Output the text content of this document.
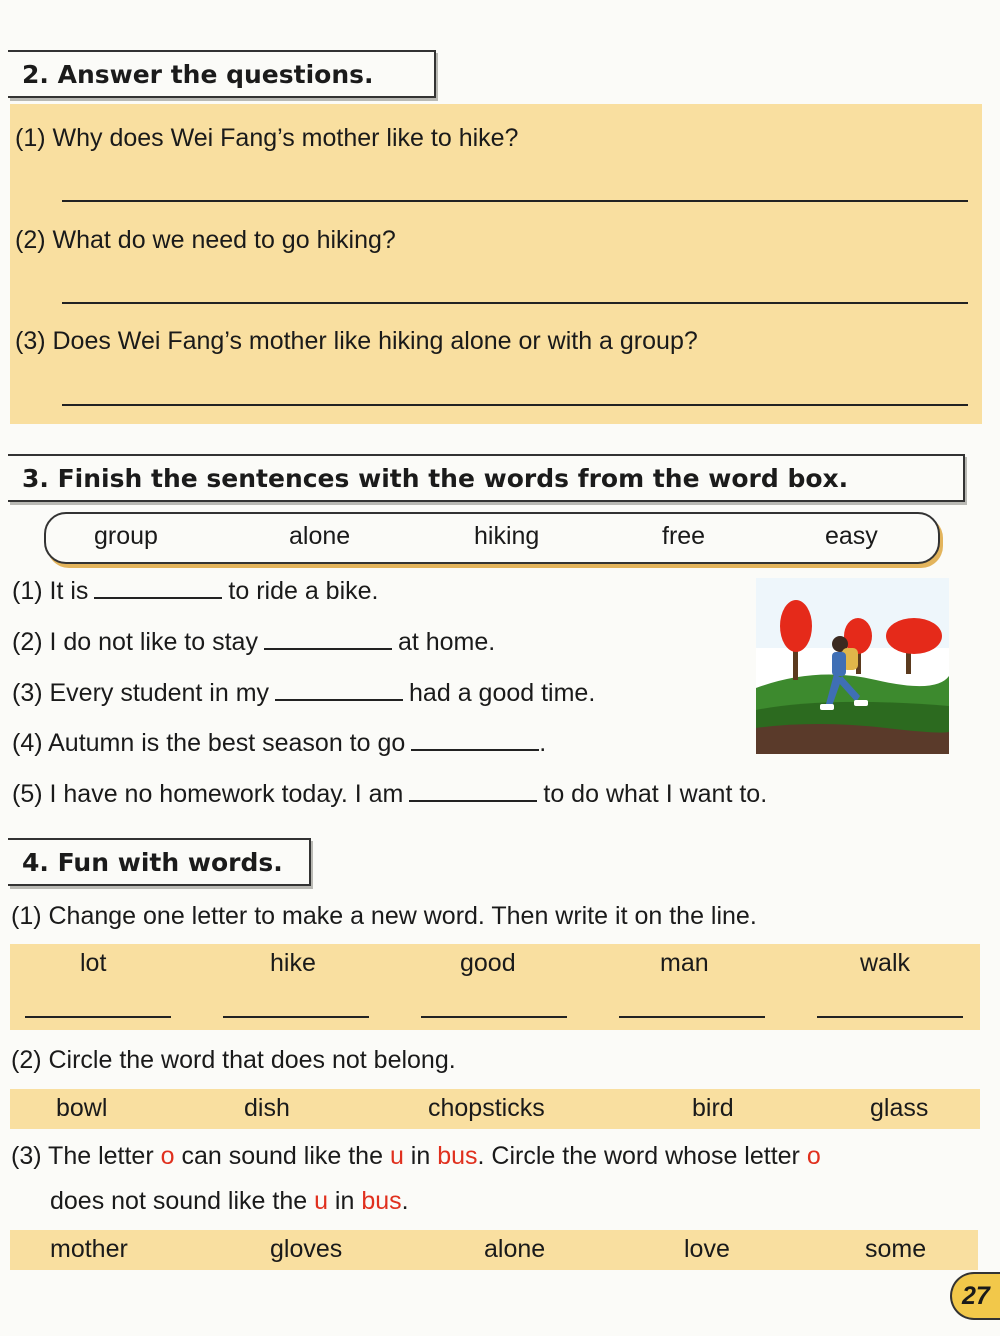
2. Answer the questions.
(1) Why does Wei Fang’s mother like to hike?
(2) What do we need to go hiking?
(3) Does Wei Fang’s mother like hiking alone or with a group?
3. Finish the sentences with the words from the word box.
group	alone	hiking	free	easy
(1) It is	to ride a bike.
(2) I do not like to stay	at home.
(3) Every student in my	had a good time.
(4) Autumn is the best season to go	.
(5) I have no homework today. I am	to do what I want to.
4. Fun with words.
(1) Change one letter to make a new word. Then write it on the line.
lot	hike	good	man	walk
(2) Circle the word that does not belong.
bowl	dish	chopsticks	bird	glass
(3) The letter o can sound like the u in bus. Circle the word whose letter o
does not sound like the u in bus.
mother	gloves	alone	love	some
27
